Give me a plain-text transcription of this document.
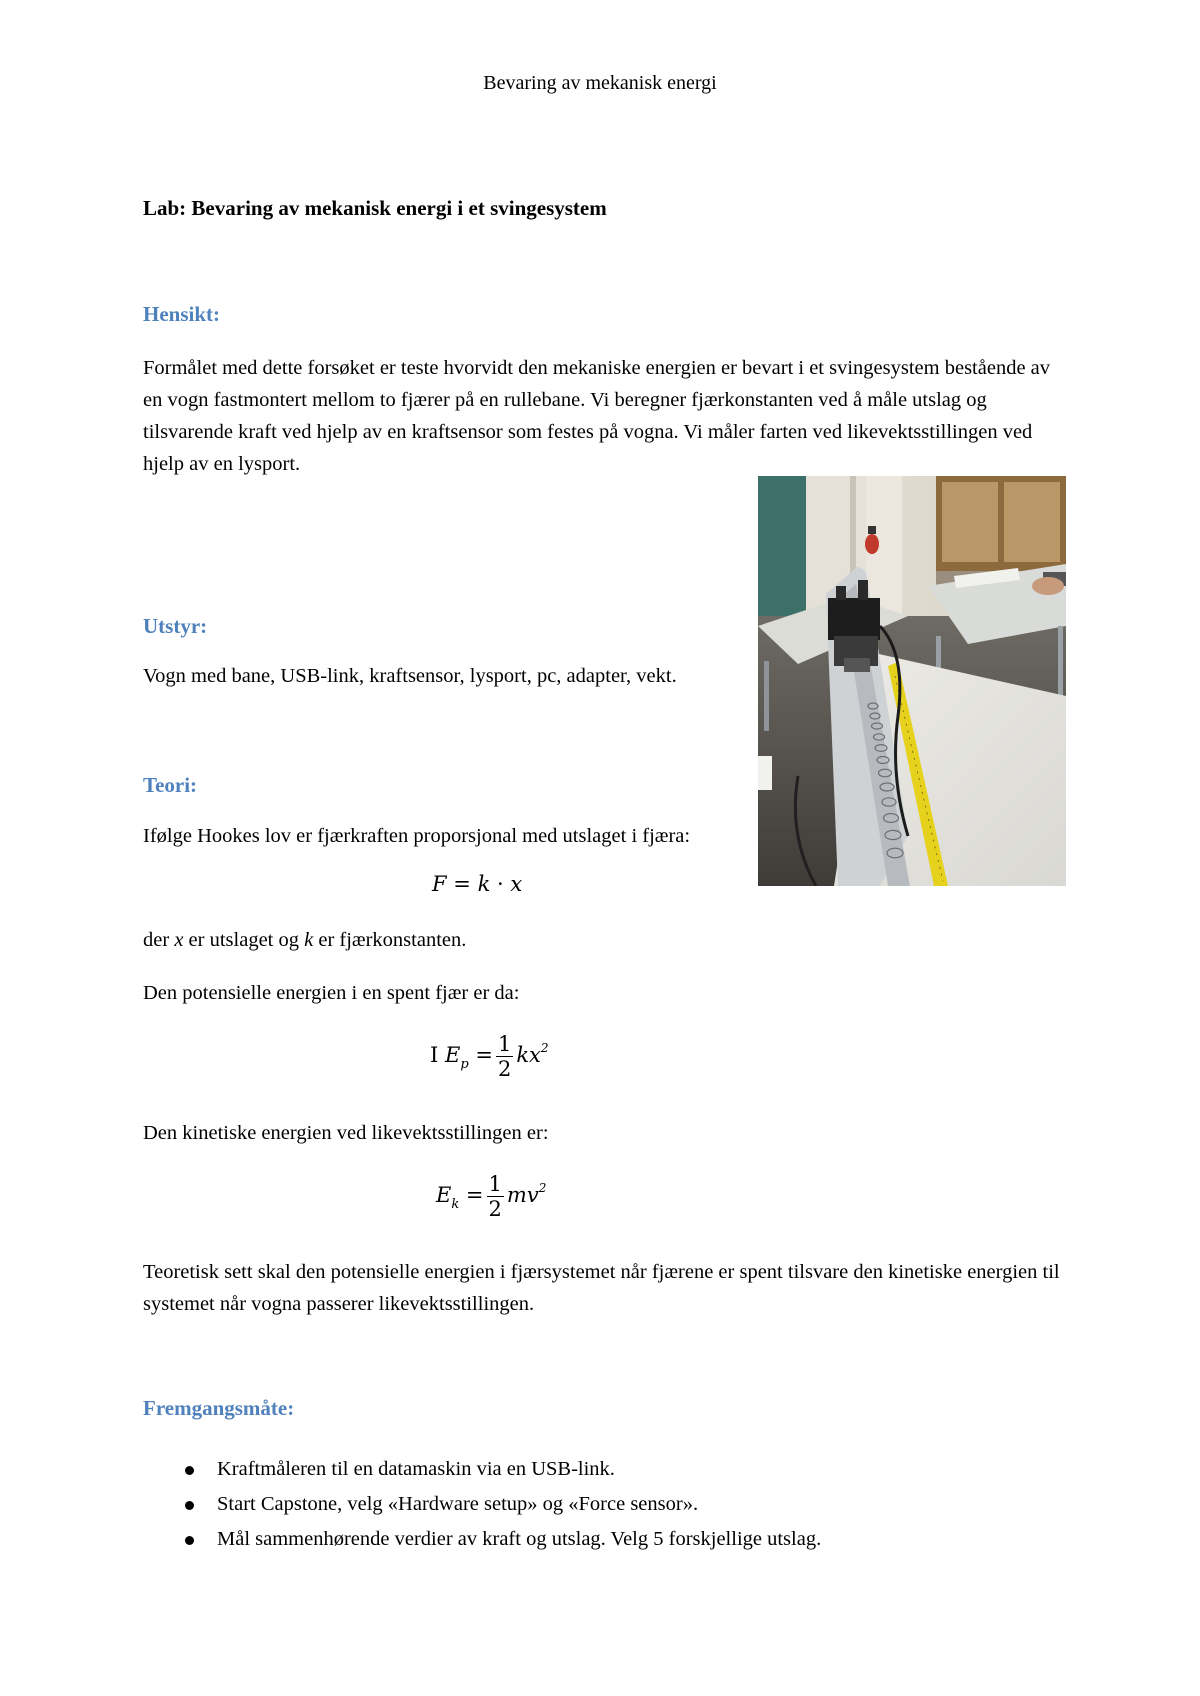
Bevaring av mekanisk energi
Lab: Bevaring av mekanisk energi i et svingesystem
Hensikt:

Formålet med dette forsøket er teste hvorvidt den mekaniske energien er bevart i et svingesystem bestående av en vogn fastmontert mellom to fjærer på en rullebane. Vi beregner fjærkonstanten ved å måle utslag og tilsvarende kraft ved hjelp av en kraftsensor som festes på vogna. Vi måler farten ved likevektsstillingen ved hjelp av en lysport.

Utstyr:

Vogn med bane, USB-link, kraftsensor, lysport, pc, adapter, vekt.

Teori:

Ifølge Hookes lov er fjærkraften proporsjonal med utslaget i fjæra:

F = k · x

der x er utslaget og k er fjærkonstanten.

Den potensielle energien i en spent fjær er da:

I $E_p = \frac{1}{2} kx^2$

Den kinetiske energien ved likevektsstillingen er:

$E_k = \frac{1}{2} mv^2$

Teoretisk sett skal den potensielle energien i fjærsystemet når fjærene er spent tilsvare den kinetiske energien til systemet når vogna passerer likevektsstillingen.

Fremgangsmåte:
Kraftmåleren til en datamaskin via en USB-link.
Start Capstone, velg «Hardware setup» og «Force sensor».
Mål sammenhørende verdier av kraft og utslag. Velg 5 forskjellige utslag.
